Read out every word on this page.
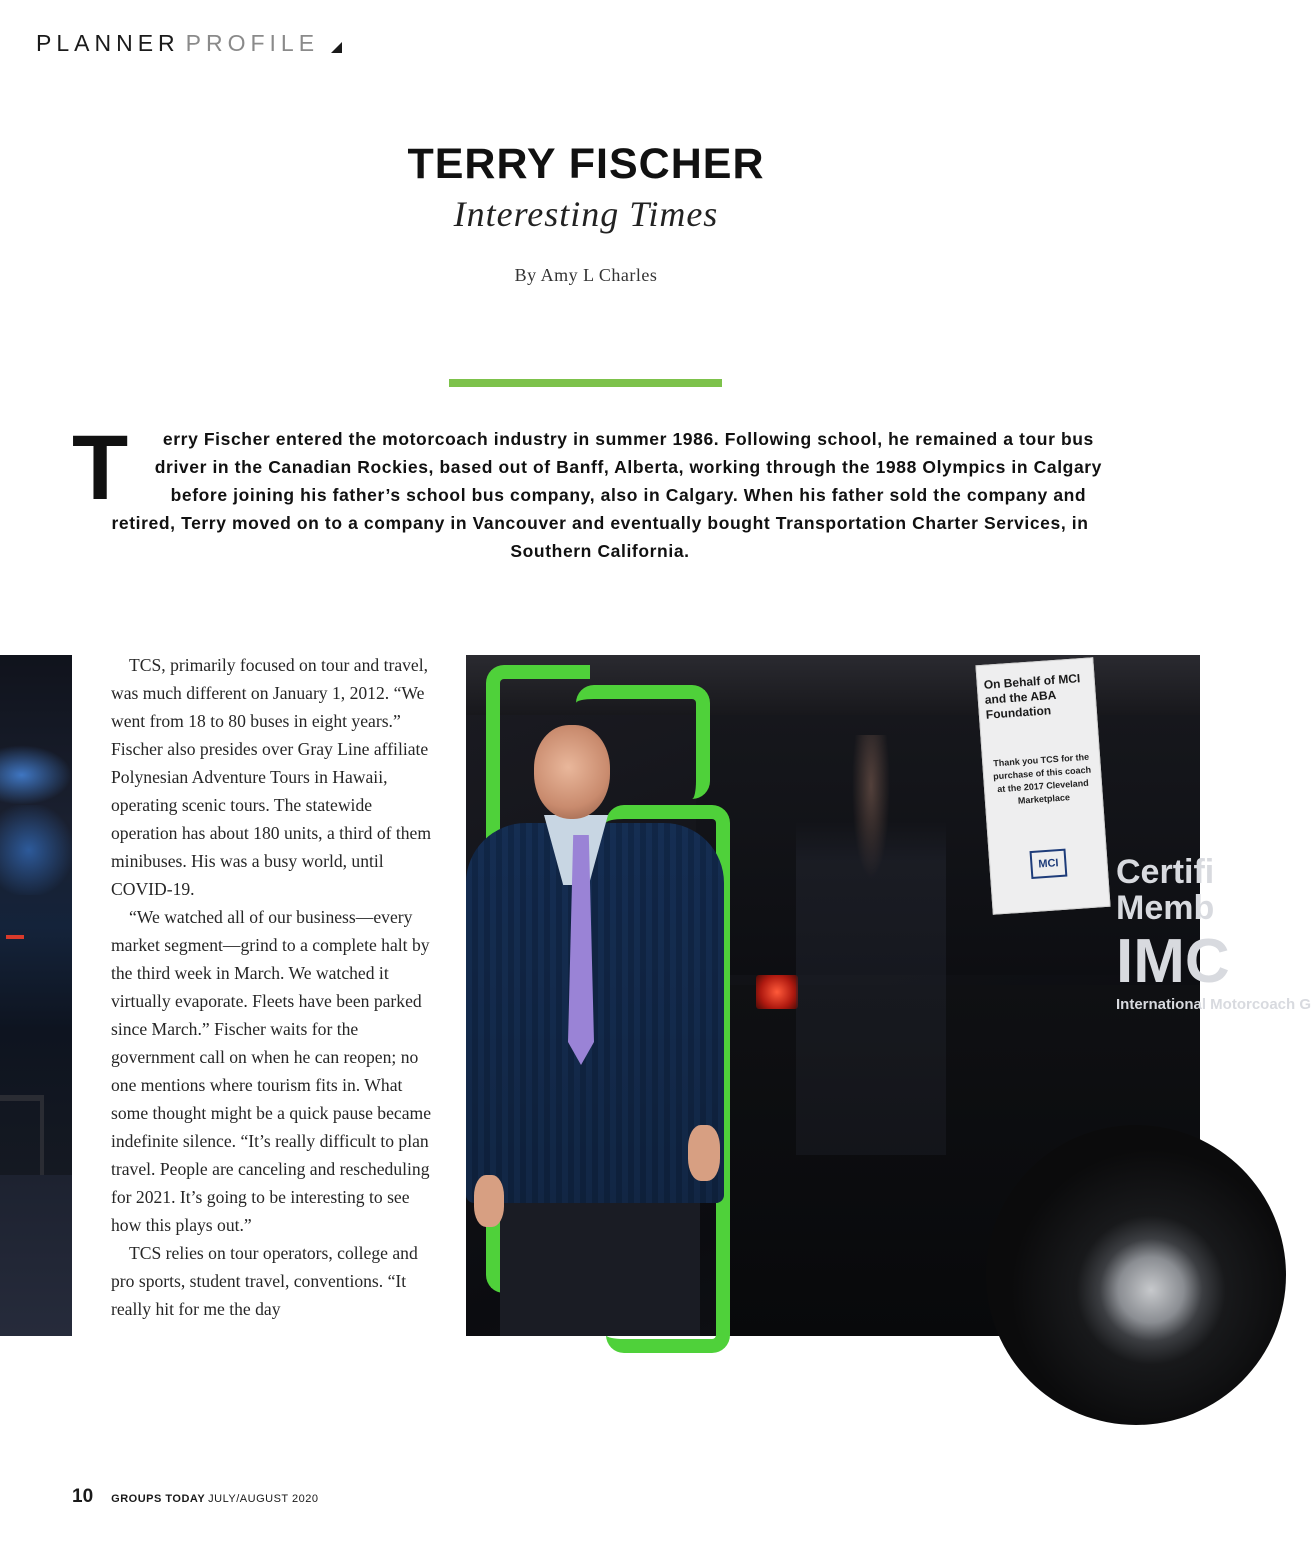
PLANNER PROFILE
TERRY FISCHER
Interesting Times
By Amy L Charles

T erry Fischer entered the motorcoach industry in summer 1986. Following school, he remained a tour bus driver in the Canadian Rockies, based out of Banff, Alberta, working through the 1988 Olympics in Calgary before joining his father’s school bus company, also in Calgary. When his father sold the company and retired, Terry moved on to a company in Vancouver and eventually bought Transportation Charter Services, in Southern California.

TCS, primarily focused on tour and travel, was much different on January 1, 2012. “We went from 18 to 80 buses in eight years.” Fischer also presides over Gray Line affiliate Polynesian Adventure Tours in Hawaii, operating scenic tours. The statewide operation has about 180 units, a third of them minibuses. His was a busy world, until COVID-19.

“We watched all of our business—every market segment—grind to a complete halt by the third week in March. We watched it virtually evaporate. Fleets have been parked since March.” Fischer waits for the government call on when he can reopen; no one mentions where tourism fits in. What some thought might be a quick pause became indefinite silence. “It’s really difficult to plan travel. People are canceling and rescheduling for 2021. It’s going to be interesting to see how this plays out.”

TCS relies on tour operators, college and pro sports, student travel, conventions. “It really hit for me the day

On Behalf of MCI and the ABA Foundation
Thank you TCS for the purchase of this coach at the 2017 Cleveland Marketplace
MCI Certifi
Memb
IMC
International Motorcoach G
10 GROUPS TODAY JULY/AUGUST 2020
